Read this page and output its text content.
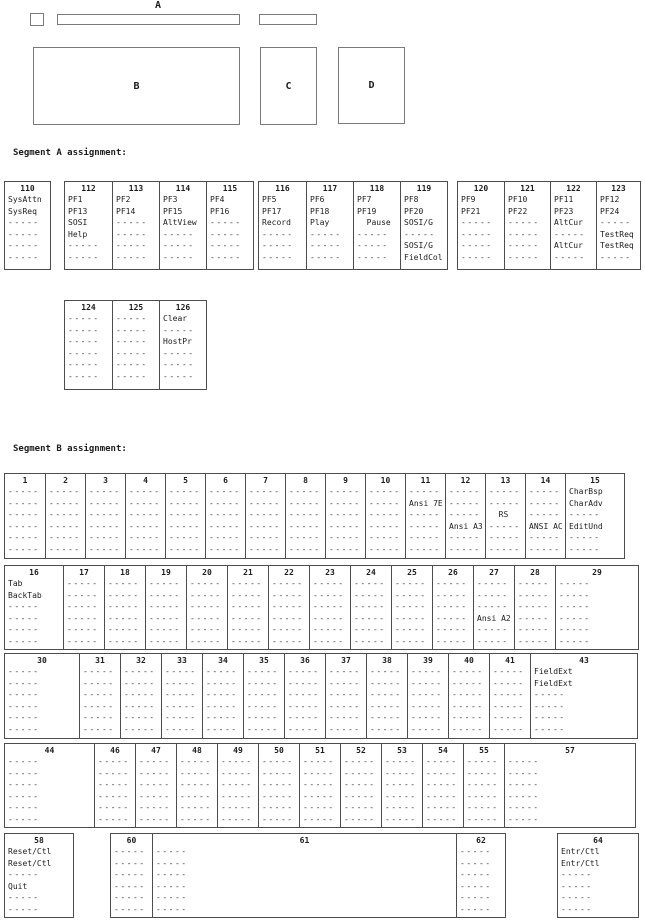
A
B	C	D
Segment A assignment:
110
SysAttn
SysReq
-----
-----
-----
-----
112
PF1
PF13
SOSI
Help
-----
-----
113
PF2
PF14
-----
-----
-----
-----
114
PF3
PF15
AltView
-----
-----
-----
115
PF4
PF16
-----
-----
-----
-----
116
PF5
PF17
Record
-----
-----
-----
117
PF6
PF18
Play
-----
-----
-----
118
PF7
PF19
Pause
-----
-----
-----
119
PF8
PF20
SOSI/G
-----
SOSI/G
FieldCol
120
PF9
PF21
-----
-----
-----
-----
121
PF10
PF22
-----
-----
-----
-----
122
PF11
PF23
AltCur
-----
AltCur
-----
123
PF12
PF24
-----
TestReq
TestReq
-----
124
-----
-----
-----
-----
-----
-----
125
-----
-----
-----
-----
-----
-----
126
Clear
-----
HostPr
-----
-----
-----
Segment B assignment:
1
-----
-----
-----
-----
-----
-----
2
-----
-----
-----
-----
-----
-----
3
-----
-----
-----
-----
-----
-----
4
-----
-----
-----
-----
-----
-----
5
-----
-----
-----
-----
-----
-----
6
-----
-----
-----
-----
-----
-----
7
-----
-----
-----
-----
-----
-----
8
-----
-----
-----
-----
-----
-----
9
-----
-----
-----
-----
-----
-----
10
-----
-----
-----
-----
-----
-----
11
-----
Ansi 7E
-----
-----
-----
-----
12
-----
-----
-----
Ansi A3
-----
-----
13
-----
-----
RS
-----
-----
-----
14
-----
-----
-----
ANSI AC
-----
-----
15
CharBsp
CharAdv
-----
EditUnd
-----
-----
16
Tab
BackTab
-----
-----
-----
-----
17
-----
-----
-----
-----
-----
-----
18
-----
-----
-----
-----
-----
-----
19
-----
-----
-----
-----
-----
-----
20
-----
-----
-----
-----
-----
-----
21
-----
-----
-----
-----
-----
-----
22
-----
-----
-----
-----
-----
-----
23
-----
-----
-----
-----
-----
-----
24
-----
-----
-----
-----
-----
-----
25
-----
-----
-----
-----
-----
-----
26
-----
-----
-----
-----
-----
-----
27
-----
-----
-----
Ansi A2
-----
-----
28
-----
-----
-----
-----
-----
-----
29
-----
-----
-----
-----
-----
-----
30
-----
-----
-----
-----
-----
-----
31
-----
-----
-----
-----
-----
-----
32
-----
-----
-----
-----
-----
-----
33
-----
-----
-----
-----
-----
-----
34
-----
-----
-----
-----
-----
-----
35
-----
-----
-----
-----
-----
-----
36
-----
-----
-----
-----
-----
-----
37
-----
-----
-----
-----
-----
-----
38
-----
-----
-----
-----
-----
-----
39
-----
-----
-----
-----
-----
-----
40
-----
-----
-----
-----
-----
-----
41
-----
-----
-----
-----
-----
-----
43
FieldExt
FieldExt
-----
-----
-----
-----
44
-----
-----
-----
-----
-----
-----
46
-----
-----
-----
-----
-----
-----
47
-----
-----
-----
-----
-----
-----
48
-----
-----
-----
-----
-----
-----
49
-----
-----
-----
-----
-----
-----
50
-----
-----
-----
-----
-----
-----
51
-----
-----
-----
-----
-----
-----
52
-----
-----
-----
-----
-----
-----
53
-----
-----
-----
-----
-----
-----
54
-----
-----
-----
-----
-----
-----
55
-----
-----
-----
-----
-----
-----
57
-----
-----
-----
-----
-----
-----
58
Reset/Ctl
Reset/Ctl
-----
Quit
-----
-----
60
-----
-----
-----
-----
-----
-----
61
-----
-----
-----
-----
-----
-----
62
-----
-----
-----
-----
-----
-----
64
Entr/Ctl
Entr/Ctl
-----
-----
-----
-----
